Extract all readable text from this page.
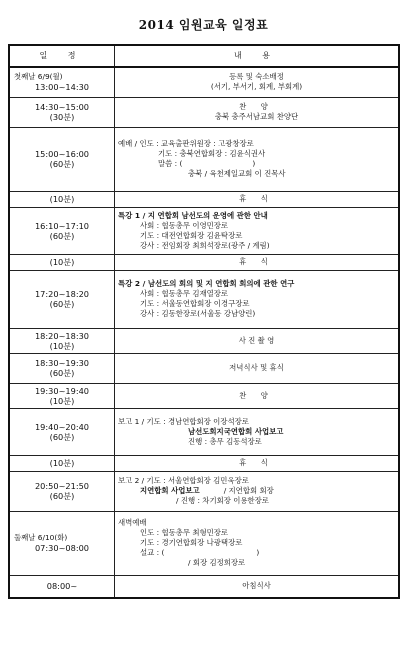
2014 임원교육 일정표
일 정	내 용

첫째날 6/9(월)
13:00~14:30	등록 및 숙소배정
(서기, 부서기, 회계, 부회계)

14:30~15:00
(30분)	찬 양
충북 충주서남교회 찬양단

15:00~16:00
(60분)	예배 / 인도 : 교육출판위원장 : 고광창장로
기도 : 충북연합회장 : 김윤식권사
말씀 : ( )
충북 / 육천제일교회 이 진목사

(10분)	휴 식

16:10~17:10
(60분)	특강 1 / 지 연합회 남선도의 운영에 관한 안내
사회 : 협동총무 이영민장로
기도 : 대전연합회장 김윤탁장로
강사 : 전임회장 최희석장로(광주 / 계림)

(10분)	휴 식

17:20~18:20
(60분)	특강 2 / 남선도의 회의 및 지 연합회 회의에 관한 연구
사회 : 협동총무 김재열장로
기도 : 서울동연합회장 이경구장로
강사 : 김동한장로(서울동 강남양린)

18:20~18:30
(10분)	사 진 촬 영

18:30~19:30
(60분)	저녁식사 및 휴식

19:30~19:40
(10분)	찬 양

19:40~20:40
(60분)	보고 1 / 기도 : 경남연합회장 이장석장로
남선도회지국연합회 사업보고
진행 : 총무 김동석장로

(10분)	휴 식

20:50~21:50
(60분)	보고 2 / 기도 : 서울연합회장 김민욱장로
지연합회 사업보고 / 지연합회 회장
/ 진행 : 차기회장 이용한장로

둘째날 6/10(화)
07:30~08:00	새벽예배
인도 : 협동총무 최형민장로
기도 : 경기연합회장 나광택장로
설교 : ( )
/ 회장 김정희장로

08:00~	아침식사
